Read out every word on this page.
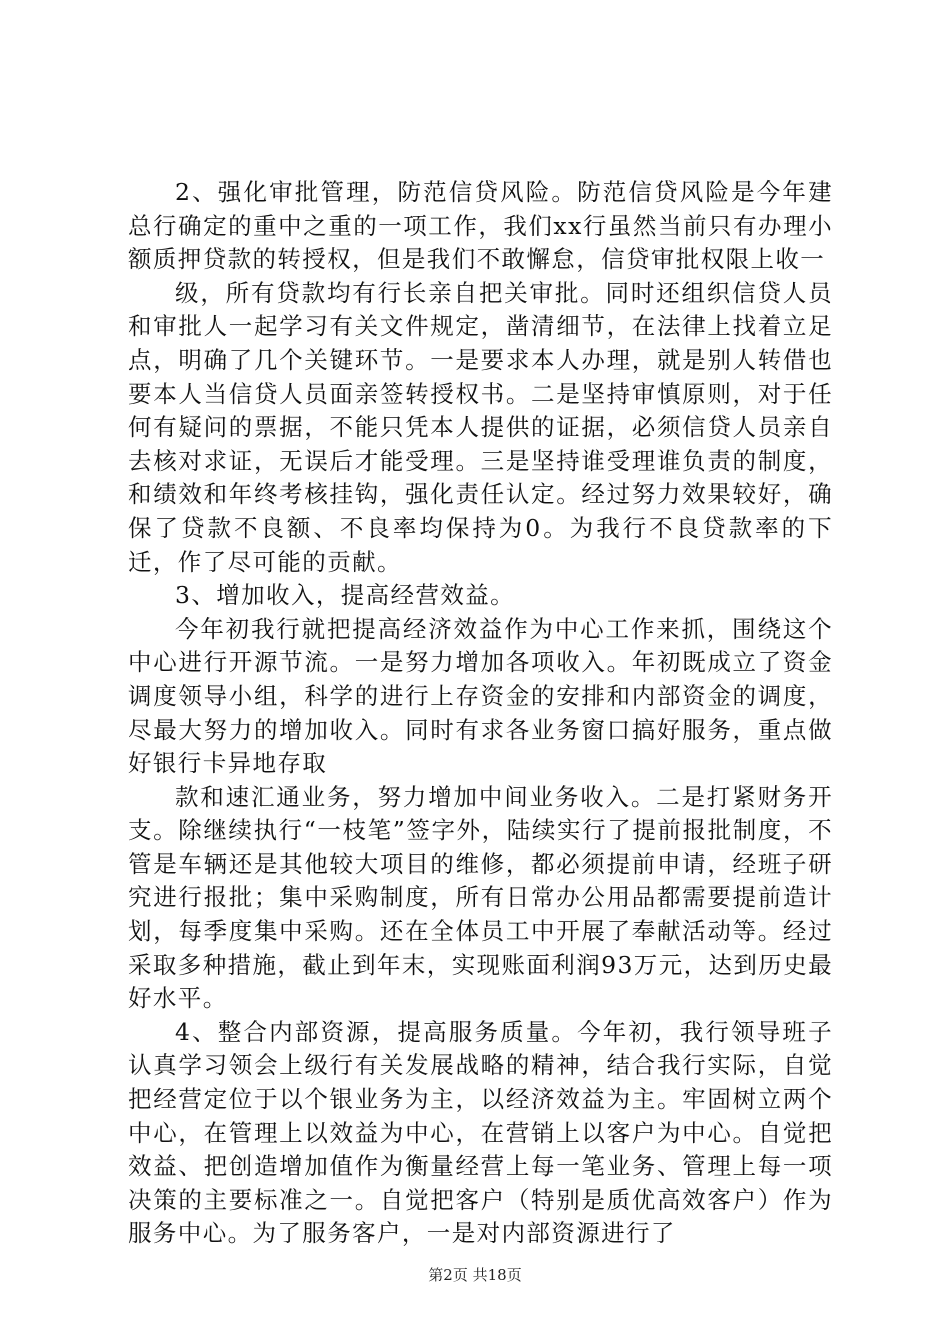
2、强化审批管理，防范信贷风险。防范信贷风险是今年建总行确定的重中之重的一项工作，我们xx行虽然当前只有办理小额质押贷款的转授权，但是我们不敢懈怠，信贷审批权限上收一

级，所有贷款均有行长亲自把关审批。同时还组织信贷人员和审批人一起学习有关文件规定，凿清细节，在法律上找着立足点，明确了几个关键环节。一是要求本人办理，就是别人转借也要本人当信贷人员面亲签转授权书。二是坚持审慎原则，对于任何有疑问的票据，不能只凭本人提供的证据，必须信贷人员亲自去核对求证，无误后才能受理。三是坚持谁受理谁负责的制度，和绩效和年终考核挂钩，强化责任认定。经过努力效果较好，确保了贷款不良额、不良率均保持为0。为我行不良贷款率的下迁，作了尽可能的贡献。

3、增加收入，提高经营效益。

今年初我行就把提高经济效益作为中心工作来抓，围绕这个中心进行开源节流。一是努力增加各项收入。年初既成立了资金调度领导小组，科学的进行上存资金的安排和内部资金的调度，尽最大努力的增加收入。同时有求各业务窗口搞好服务，重点做好银行卡异地存取

款和速汇通业务，努力增加中间业务收入。二是打紧财务开支。除继续执行“一枝笔”签字外，陆续实行了提前报批制度，不管是车辆还是其他较大项目的维修，都必须提前申请，经班子研究进行报批；集中采购制度，所有日常办公用品都需要提前造计划，每季度集中采购。还在全体员工中开展了奉献活动等。经过采取多种措施，截止到年末，实现账面利润93万元，达到历史最好水平。

4、整合内部资源，提高服务质量。今年初，我行领导班子认真学习领会上级行有关发展战略的精神，结合我行实际，自觉把经营定位于以个银业务为主，以经济效益为主。牢固树立两个中心，在管理上以效益为中心，在营销上以客户为中心。自觉把效益、把创造增加值作为衡量经营上每一笔业务、管理上每一项决策的主要标准之一。自觉把客户（特别是质优高效客户）作为服务中心。为了服务客户，一是对内部资源进行了

第2页 共18页
